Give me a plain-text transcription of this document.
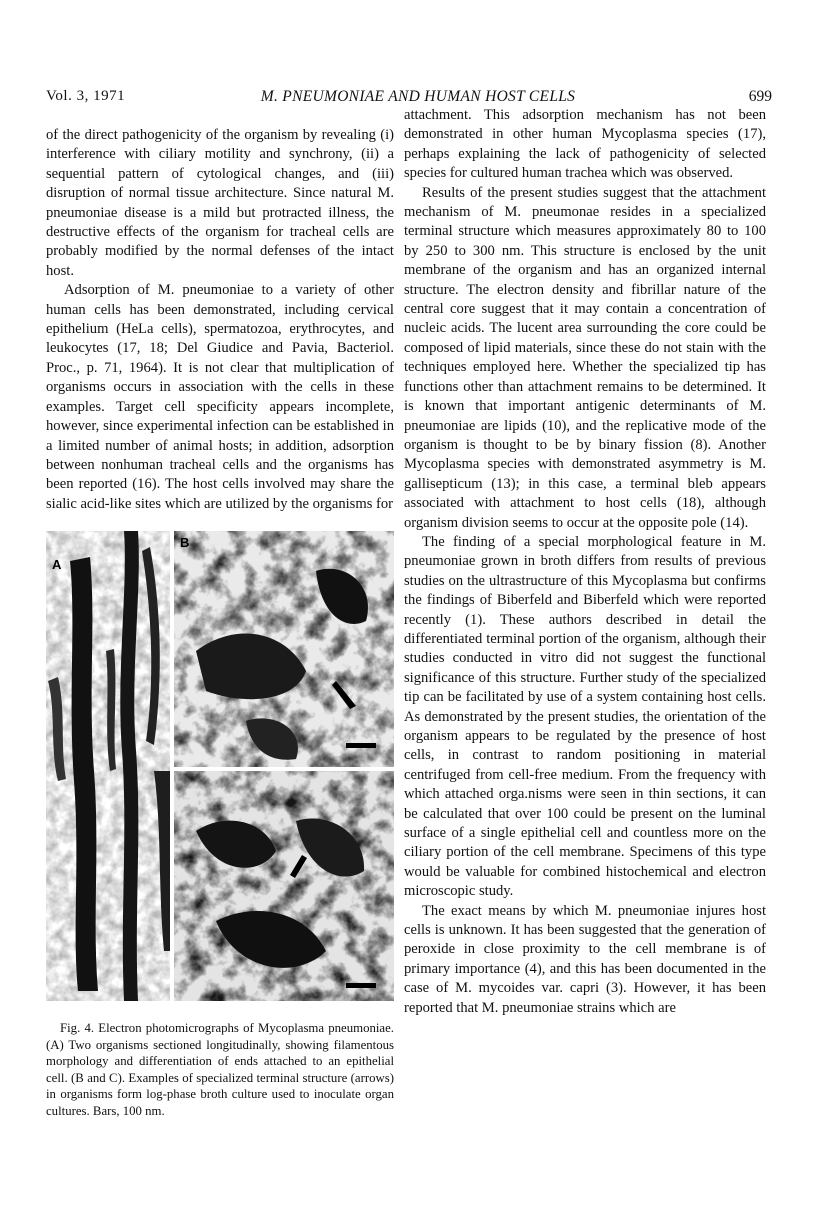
Vol. 3, 1971	M. PNEUMONIAE AND HUMAN HOST CELLS	699

of the direct pathogenicity of the organism by revealing (i) interference with ciliary motility and synchrony, (ii) a sequential pattern of cytological changes, and (iii) disruption of normal tissue architecture. Since natural M. pneumoniae disease is a mild but protracted illness, the destructive effects of the organism for tracheal cells are probably modified by the normal defenses of the intact host.

Adsorption of M. pneumoniae to a variety of other human cells has been demonstrated, including cervical epithelium (HeLa cells), spermatozoa, erythrocytes, and leukocytes (17, 18; Del Giudice and Pavia, Bacteriol. Proc., p. 71, 1964). It is not clear that multiplication of organisms occurs in association with the cells in these examples. Target cell specificity appears incomplete, however, since experimental infection can be established in a limited number of animal hosts; in addition, adsorption between nonhuman tracheal cells and the organisms has been reported (16). The host cells involved may share the sialic acid-like sites which are utilized by the organisms for

A
B

Fig. 4. Electron photomicrographs of Mycoplasma pneumoniae. (A) Two organisms sectioned longitudinally, showing filamentous morphology and differentiation of ends attached to an epithelial cell. (B and C). Examples of specialized terminal structure (arrows) in organisms form log-phase broth culture used to inoculate organ cultures. Bars, 100 nm.

attachment. This adsorption mechanism has not been demonstrated in other human Mycoplasma species (17), perhaps explaining the lack of pathogenicity of selected species for cultured human trachea which was observed.

Results of the present studies suggest that the attachment mechanism of M. pneumonae resides in a specialized terminal structure which measures approximately 80 to 100 by 250 to 300 nm. This structure is enclosed by the unit membrane of the organism and has an organized internal structure. The electron density and fibrillar nature of the central core suggest that it may contain a concentration of nucleic acids. The lucent area surrounding the core could be composed of lipid materials, since these do not stain with the techniques employed here. Whether the specialized tip has functions other than attachment remains to be determined. It is known that important antigenic determinants of M. pneumoniae are lipids (10), and the replicative mode of the organism is thought to be by binary fission (8). Another Mycoplasma species with demonstrated asymmetry is M. gallisepticum (13); in this case, a terminal bleb appears associated with attachment to host cells (18), although organism division seems to occur at the opposite pole (14).

The finding of a special morphological feature in M. pneumoniae grown in broth differs from results of previous studies on the ultrastructure of this Mycoplasma but confirms the findings of Biberfeld and Biberfeld which were reported recently (1). These authors described in detail the differentiated terminal portion of the organism, although their studies conducted in vitro did not suggest the functional significance of this structure. Further study of the specialized tip can be facilitated by use of a system containing host cells. As demonstrated by the present studies, the orientation of the organism appears to be regulated by the presence of host cells, in contrast to random positioning in material centrifuged from cell-free medium. From the frequency with which attached orga.nisms were seen in thin sections, it can be calculated that over 100 could be present on the luminal surface of a single epithelial cell and countless more on the ciliary portion of the cell membrane. Specimens of this type would be valuable for combined histochemical and electron microscopic study.

The exact means by which M. pneumoniae injures host cells is unknown. It has been suggested that the generation of peroxide in close proximity to the cell membrane is of primary importance (4), and this has been documented in the case of M. mycoides var. capri (3). However, it has been reported that M. pneumoniae strains which are
